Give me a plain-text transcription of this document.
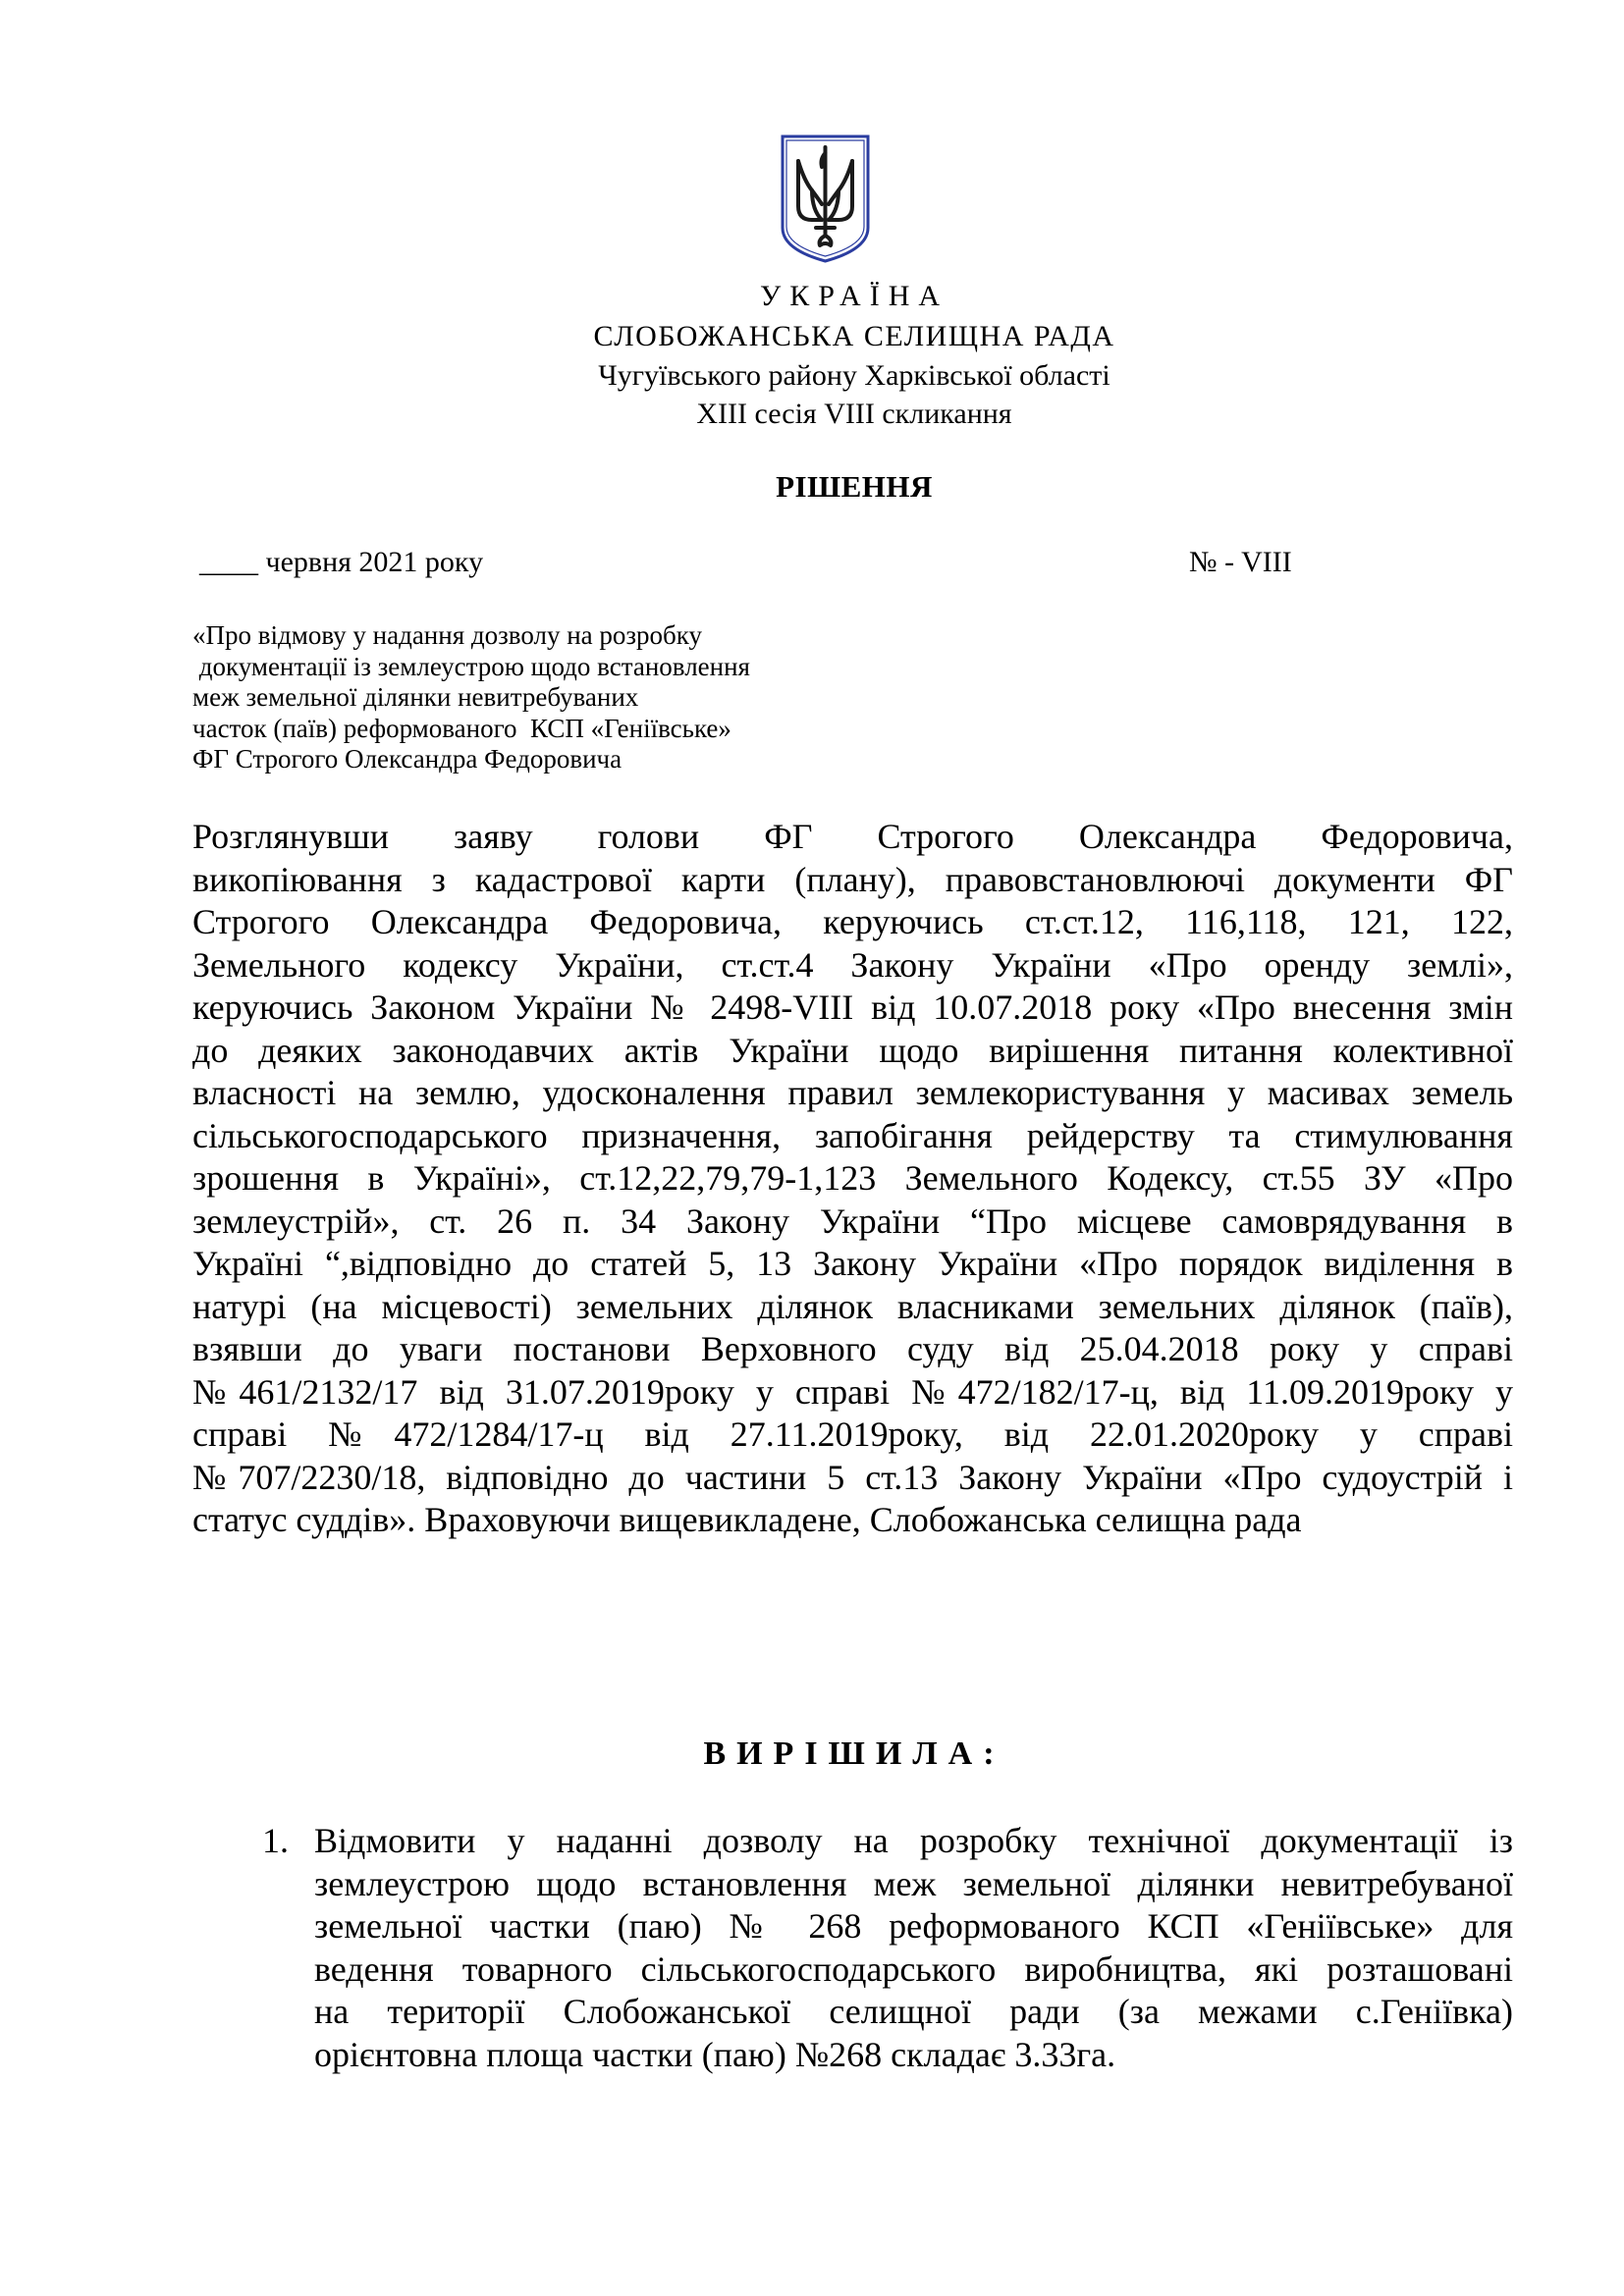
УКРАЇНА
СЛОБОЖАНСЬКА СЕЛИЩНА РАДА
Чугуївського району Харківської області
XIII сесія VIII скликання
РІШЕННЯ
____ червня 2021 року	№ - VIII
«Про відмову у надання дозволу на розробку
документації із землеустрою щодо встановлення
меж земельної ділянки невитребуваних
часток (паїв) реформованого  КСП «Геніївське»
ФГ Строгого Олександра Федоровича
Розглянувши заяву голови ФГ Строгого Олександра Федоровича,
викопіювання з кадастрової карти (плану), правовстановлюючі документи ФГ
Строгого Олександра Федоровича, керуючись ст.ст.12, 116,118, 121, 122,
Земельного кодексу України, ст.ст.4 Закону України «Про оренду землі»,
керуючись Законом України № 2498-VIII від 10.07.2018 року «Про внесення змін
до деяких законодавчих актів України щодо вирішення питання колективної
власності на землю, удосконалення правил землекористування у масивах земель
сільськогосподарського призначення, запобігання рейдерству та стимулювання
зрошення в Україні», ст.12,22,79,79-1,123 Земельного Кодексу, ст.55 ЗУ «Про
землеустрій», ст. 26 п. 34 Закону України “Про місцеве самоврядування в
Україні “,відповідно до статей 5, 13 Закону України «Про порядок виділення в
натурі (на місцевості) земельних ділянок власниками земельних ділянок (паїв),
взявши до уваги постанови Верховного суду від 25.04.2018 року у справі
№461/2132/17 від 31.07.2019року у справі №472/182/17-ц, від 11.09.2019року у
справі №472/1284/17-ц від 27.11.2019року, від 22.01.2020року у справі
№707/2230/18, відповідно до частини 5 ст.13 Закону України «Про судоустрій і
статус суддів». Враховуючи вищевикладене, Слобожанська селищна рада
ВИРІШИЛА:
1. Відмовити у наданні дозволу на розробку технічної документації із
землеустрою щодо встановлення меж земельної ділянки невитребуваної
земельної частки (паю) № 268 реформованого КСП «Геніївське» для
ведення товарного сільськогосподарського виробництва, які розташовані
на території Слобожанської селищної ради (за межами с.Геніївка)
орієнтовна площа частки (паю) №268 складає 3.33га.
